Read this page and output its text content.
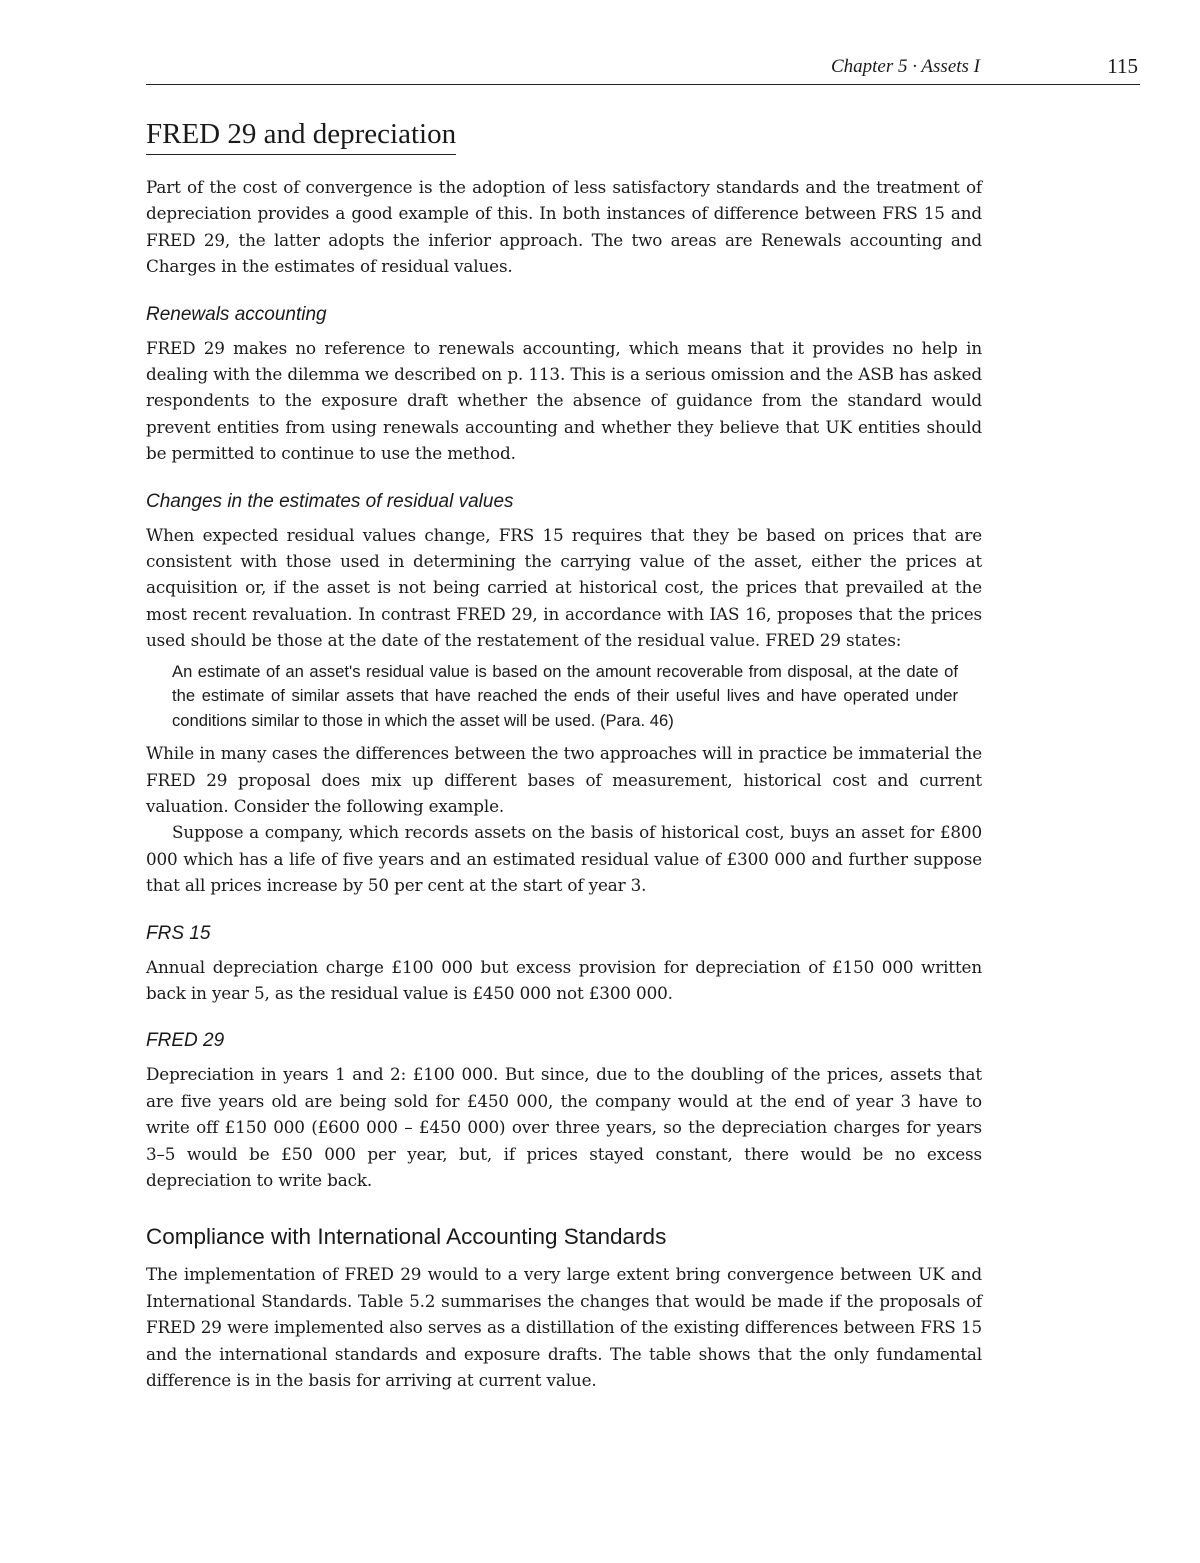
Chapter 5 · Assets I	115
FRED 29 and depreciation

Part of the cost of convergence is the adoption of less satisfactory standards and the treatment of depreciation provides a good example of this. In both instances of difference between FRS 15 and FRED 29, the latter adopts the inferior approach. The two areas are Renewals accounting and Charges in the estimates of residual values.

Renewals accounting

FRED 29 makes no reference to renewals accounting, which means that it provides no help in dealing with the dilemma we described on p. 113. This is a serious omission and the ASB has asked respondents to the exposure draft whether the absence of guidance from the standard would prevent entities from using renewals accounting and whether they believe that UK entities should be permitted to continue to use the method.

Changes in the estimates of residual values

When expected residual values change, FRS 15 requires that they be based on prices that are consistent with those used in determining the carrying value of the asset, either the prices at acquisition or, if the asset is not being carried at historical cost, the prices that prevailed at the most recent revaluation. In contrast FRED 29, in accordance with IAS 16, proposes that the prices used should be those at the date of the restatement of the residual value. FRED 29 states:

An estimate of an asset's residual value is based on the amount recoverable from disposal, at the date of the estimate of similar assets that have reached the ends of their useful lives and have operated under conditions similar to those in which the asset will be used. (Para. 46)

While in many cases the differences between the two approaches will in practice be immaterial the FRED 29 proposal does mix up different bases of measurement, historical cost and current valuation. Consider the following example.

Suppose a company, which records assets on the basis of historical cost, buys an asset for £800 000 which has a life of five years and an estimated residual value of £300 000 and further suppose that all prices increase by 50 per cent at the start of year 3.

FRS 15

Annual depreciation charge £100 000 but excess provision for depreciation of £150 000 written back in year 5, as the residual value is £450 000 not £300 000.

FRED 29

Depreciation in years 1 and 2: £100 000. But since, due to the doubling of the prices, assets that are five years old are being sold for £450 000, the company would at the end of year 3 have to write off £150 000 (£600 000 – £450 000) over three years, so the depreciation charges for years 3–5 would be £50 000 per year, but, if prices stayed constant, there would be no excess depreciation to write back.

Compliance with International Accounting Standards

The implementation of FRED 29 would to a very large extent bring convergence between UK and International Standards. Table 5.2 summarises the changes that would be made if the proposals of FRED 29 were implemented also serves as a distillation of the existing differences between FRS 15 and the international standards and exposure drafts. The table shows that the only fundamental difference is in the basis for arriving at current value.
